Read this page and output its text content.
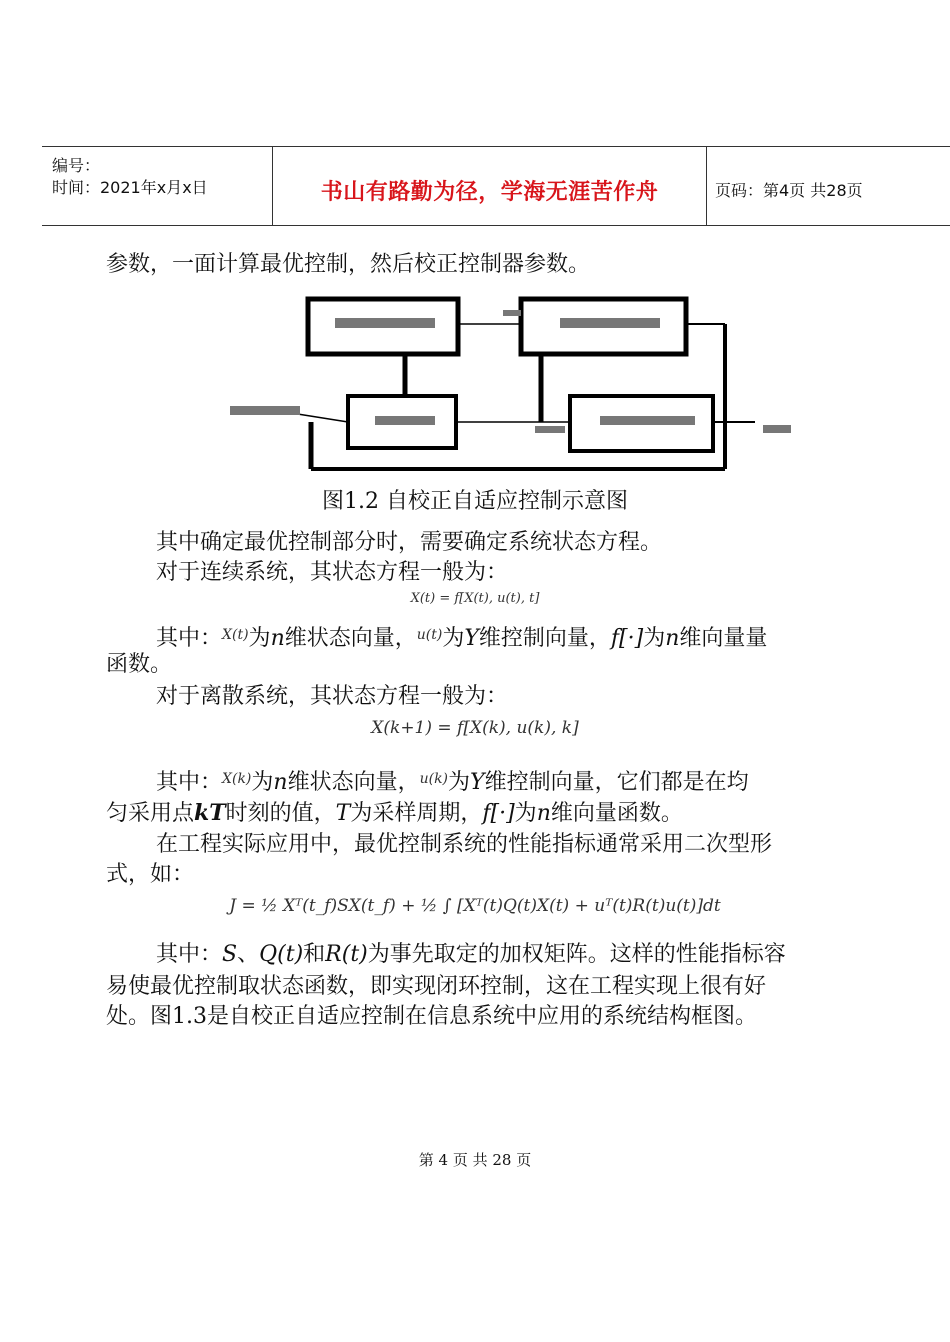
编号：
时间：2021年x月x日	书山有路勤为径，学海无涯苦作舟	页码：第4页 共28页
参数，一面计算最优控制，然后校正控制器参数。
图1.2 自校正自适应控制示意图
其中确定最优控制部分时，需要确定系统状态方程。
对于连续系统，其状态方程一般为：
X(t) = f[X(t), u(t), t]
其中：$^{X(t)}$为n维状态向量，$^{u(t)}$为Y维控制向量，f[·]为n维向量量
函数。
对于离散系统，其状态方程一般为：
X(k+1) = f[X(k), u(k), k]
其中：$^{X(k)}$为n维状态向量，$^{u(k)}$为Y维控制向量，它们都是在均
匀采用点kT时刻的值，T为采样周期，f[·]为n维向量函数。
在工程实际应用中，最优控制系统的性能指标通常采用二次型形
式，如：
J = ½ Xᵀ(t_f)SX(t_f) + ½ ∫ [Xᵀ(t)Q(t)X(t) + uᵀ(t)R(t)u(t)]dt
其中：S、Q(t)和R(t)为事先取定的加权矩阵。这样的性能指标容
易使最优控制取状态函数，即实现闭环控制，这在工程实现上很有好
处。图1.3是自校正自适应控制在信息系统中应用的系统结构框图。
第 4 页 共 28 页
